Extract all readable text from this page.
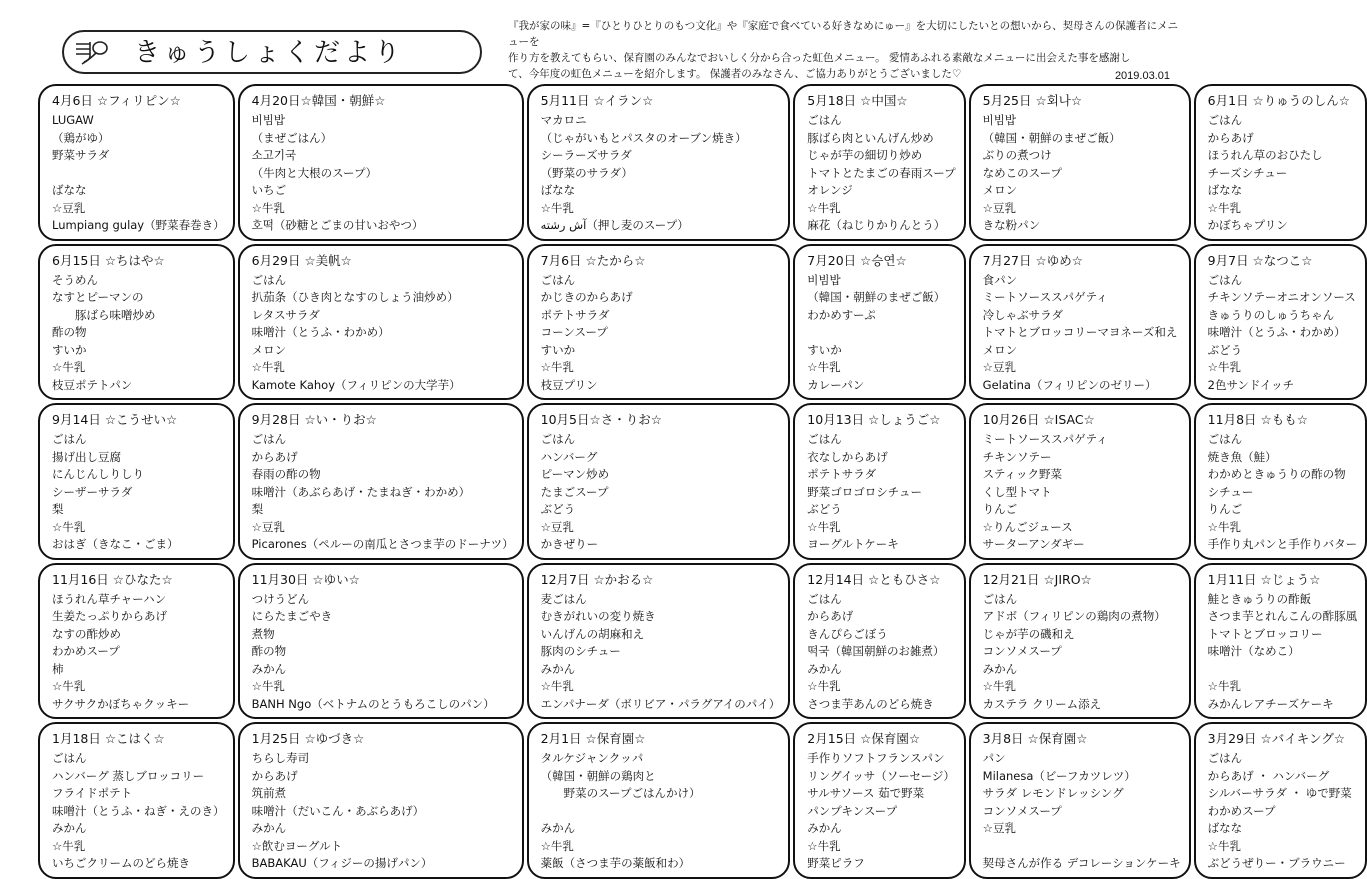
きゅうしょくだより

『我が家の味』=『ひとりひとりのもつ文化』や『家庭で食べている好きなめにゅー』を大切にしたいとの想いから、契母さんの保護者にメニューを
作り方を教えてもらい、保育園のみんなでおいしく分から合った虹色メニュー。 愛情あふれる素敵なメニューに出会えた事を感謝し
て、今年度の虹色メニューを紹介します。 保護者のみなさん、ご協力ありがとうございました♡	2019.03.01
4月6日 ☆フィリピン☆
LUGAW
（鶏がゆ）
野菜サラダ

ばなな
☆豆乳
Lumpiang gulay（野菜春巻き）
4月20日☆韓国・朝鮮☆
비빔밥
（まぜごはん）
소고기국
（牛肉と大根のスープ）
いちご
☆牛乳
호떡（砂糖とごまの甘いおやつ）
5月11日 ☆イラン☆
マカロニ
（じゃがいもとパスタのオーブン焼き）
シーラーズサラダ
（野菜のサラダ）
ばなな
☆牛乳
ﺁش رشته（押し麦のスープ）
5月18日 ☆中国☆
ごはん
豚ばら肉といんげん炒め
じゃが芋の細切り炒め
トマトとたまごの春雨スープ
オレンジ
☆牛乳
麻花（ねじりかりんとう）
5月25日 ☆회나☆
비빔밥
（韓国・朝鮮のまぜご飯）
ぶりの煮つけ
なめこのスープ
メロン
☆豆乳
きな粉パン
6月1日 ☆りゅうのしん☆
ごはん
からあげ
ほうれん草のおひたし
チーズシチュー
ばなな
☆牛乳
かぼちゃプリン
6月15日 ☆ちはや☆
そうめん
なすとピーマンの
　　豚ばら味噌炒め
酢の物
すいか
☆牛乳
枝豆ポテトパン
6月29日 ☆美帆☆
ごはん
扒茄条（ひき肉となすのしょう油炒め）
レタスサラダ
味噌汁（とうふ・わかめ）
メロン
☆牛乳
Kamote Kahoy（フィリピンの大学芋）
7月6日 ☆たから☆
ごはん
かじきのからあげ
ポテトサラダ
コーンスープ
すいか
☆牛乳
枝豆プリン
7月20日 ☆승연☆
비빔밥
（韓国・朝鮮のまぜご飯）
わかめすーぷ

すいか
☆牛乳
カレーパン
7月27日 ☆ゆめ☆
食パン
ミートソーススパゲティ
冷しゃぶサラダ
トマトとブロッコリーマヨネーズ和え
メロン
☆豆乳
Gelatina（フィリピンのゼリー）
9月7日 ☆なつこ☆
ごはん
チキンソテーオニオンソース
きゅうりのしゅうちゃん
味噌汁（とうふ・わかめ）
ぶどう
☆牛乳
2色サンドイッチ
9月14日 ☆こうせい☆
ごはん
揚げ出し豆腐
にんじんしりしり
シーザーサラダ
梨
☆牛乳
おはぎ（きなこ・ごま）
9月28日 ☆い・りお☆
ごはん
からあげ
春雨の酢の物
味噌汁（あぶらあげ・たまねぎ・わかめ）
梨
☆豆乳
Picarones（ペルーの南瓜とさつま芋のドーナツ）
10月5日☆さ・りお☆
ごはん
ハンバーグ
ピーマン炒め
たまごスープ
ぶどう
☆豆乳
かきぜりー
10月13日 ☆しょうご☆
ごはん
衣なしからあげ
ポテトサラダ
野菜ゴロゴロシチュー
ぶどう
☆牛乳
ヨーグルトケーキ
10月26日 ☆ISAC☆
ミートソーススパゲティ
チキンソテー
スティック野菜
くし型トマト
りんご
☆りんごジュース
サーターアンダギー
11月8日 ☆もも☆
ごはん
焼き魚（鮭）
わかめときゅうりの酢の物
シチュー
りんご
☆牛乳
手作り丸パンと手作りバター
11月16日 ☆ひなた☆
ほうれん草チャーハン
生姜たっぷりからあげ
なすの酢炒め
わかめスープ
柿
☆牛乳
サクサクかぼちゃクッキー
11月30日 ☆ゆい☆
つけうどん
にらたまごやき
煮物
酢の物
みかん
☆牛乳
BANH Ngo（ベトナムのとうもろこしのパン）
12月7日 ☆かおる☆
麦ごはん
むきがれいの変り焼き
いんげんの胡麻和え
豚肉のシチュー
みかん
☆牛乳
エンパナーダ（ボリビア・パラグアイのパイ）
12月14日 ☆ともひさ☆
ごはん
からあげ
きんぴらごぼう
떡국（韓国朝鮮のお雑煮）
みかん
☆牛乳
さつま芋あんのどら焼き
12月21日 ☆JIRO☆
ごはん
アドボ（フィリピンの鶏肉の煮物）
じゃが芋の磯和え
コンソメスープ
みかん
☆牛乳
カステラ クリーム添え
1月11日 ☆じょう☆
鮭ときゅうりの酢飯
さつま芋とれんこんの酢豚風
トマトとブロッコリー
味噌汁（なめこ）

☆牛乳
みかんレアチーズケーキ
1月18日 ☆こはく☆
ごはん
ハンバーグ 蒸しブロッコリー
フライドポテト
味噌汁（とうふ・ねぎ・えのき）
みかん
☆牛乳
いちごクリームのどら焼き
1月25日 ☆ゆづき☆
ちらし寿司
からあげ
筑前煮
味噌汁（だいこん・あぶらあげ）
みかん
☆飲むヨーグルト
BABAKAU（フィジーの揚げパン）
2月1日 ☆保育園☆
タルケジャンクッパ
（韓国・朝鮮の鶏肉と
　　野菜のスープごはんかけ）

みかん
☆牛乳
薬飯（さつま芋の薬飯和わ）
2月15日 ☆保育園☆
手作りソフトフランスパン
リングイッサ（ソーセージ）
サルサソース 茹で野菜
パンプキンスープ
みかん
☆牛乳
野菜ピラフ
3月8日 ☆保育園☆
パン
Milanesa（ビーフカツレツ）
サラダ レモンドレッシング
コンソメスープ
☆豆乳

契母さんが作る デコレーションケーキ
3月29日 ☆バイキング☆
ごはん
からあげ ・ ハンバーグ
シルバーサラダ ・ ゆで野菜
わかめスープ
ばなな
☆牛乳
ぶどうぜりー・ブラウニー
